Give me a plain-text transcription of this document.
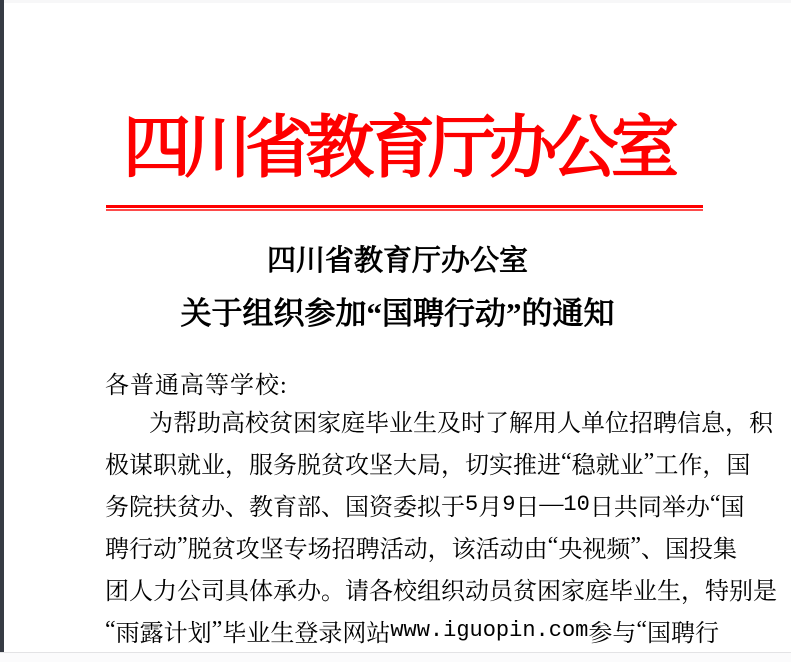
四川省教育厅办公室
四川省教育厅办公室
关于组织参加“国聘行动”的通知
各普通高等学校:
为 帮 助 高 校 贫 困 家 庭 毕 业 生 及 时 了 解 用 人 单 位 招 聘 信 息 ， 积
极 谋 职 就 业 ， 服 务 脱 贫 攻 坚 大 局 ， 切 实 推 进 “ 稳 就 业 ” 工 作 ， 国
务 院 扶 贫 办 、 教 育 部 、 国 资 委 拟 于 5 月 9 日 — 10 日 共 同 举 办 “ 国
聘 行 动 ” 脱 贫 攻 坚 专 场 招 聘 活 动 ， 该 活 动 由 “ 央 视 频 ” 、 国 投 集
团 人 力 公 司 具 体 承 办 。 请 各 校 组 织 动 员 贫 困 家 庭 毕 业 生 ， 特 别 是
“ 雨 露 计 划 ” 毕 业 生 登 录 网 站 www.iguopin.com 参 与 “ 国 聘 行
